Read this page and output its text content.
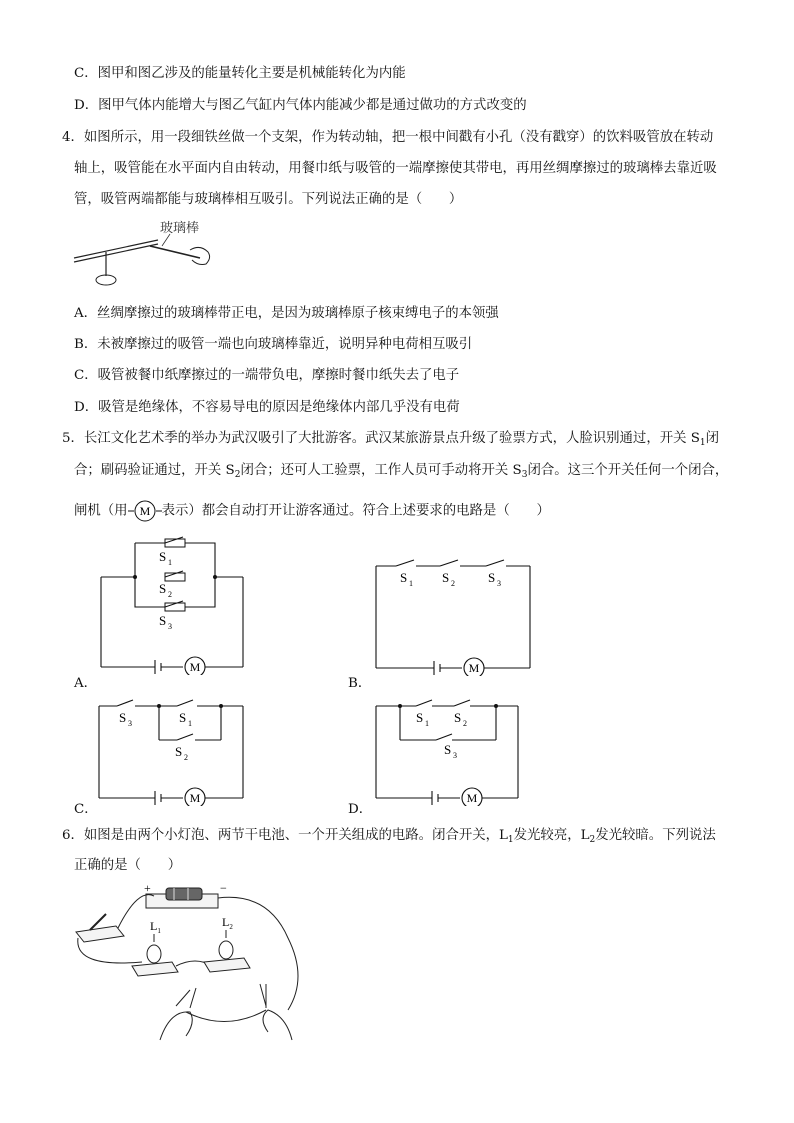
C．图甲和图乙涉及的能量转化主要是机械能转化为内能
D．图甲气体内能增大与图乙气缸内气体内能减少都是通过做功的方式改变的
4．如图所示，用一段细铁丝做一个支架，作为转动轴，把一根中间戳有小孔（没有戳穿）的饮料吸管放在转动
轴上，吸管能在水平面内自由转动，用餐巾纸与吸管的一端摩擦使其带电，再用丝绸摩擦过的玻璃棒去靠近吸
管，吸管两端都能与玻璃棒相互吸引。下列说法正确的是（　　）
玻璃棒
A．丝绸摩擦过的玻璃棒带正电，是因为玻璃棒原子核束缚电子的本领强
B．未被摩擦过的吸管一端也向玻璃棒靠近，说明异种电荷相互吸引
C．吸管被餐巾纸摩擦过的一端带负电，摩擦时餐巾纸失去了电子
D．吸管是绝缘体，不容易导电的原因是绝缘体内部几乎没有电荷
5．长江文化艺术季的举办为武汉吸引了大批游客。武汉某旅游景点升级了验票方式，人脸识别通过，开关 $S_1$闭
合；刷码验证通过，开关 $S_2$闭合；还可人工验票，工作人员可手动将开关 $S_3$闭合。这三个开关任何一个闭合，
闸机（用 M 表示）都会自动打开让游客通过。符合上述要求的电路是（　　）
S 1
S 2
S 3
M
A．
S 1 S 2	S 3
M
B．
S 3	S 1
S 2
M
C．
S 1 S 2
S 3
M
D．
6．如图是由两个小灯泡、两节干电池、一个开关组成的电路。闭合开关，$L_1$发光较亮，$L_2$发光较暗。下列说法
正确的是（　　）
+	−
$L_1$
$L_2$
